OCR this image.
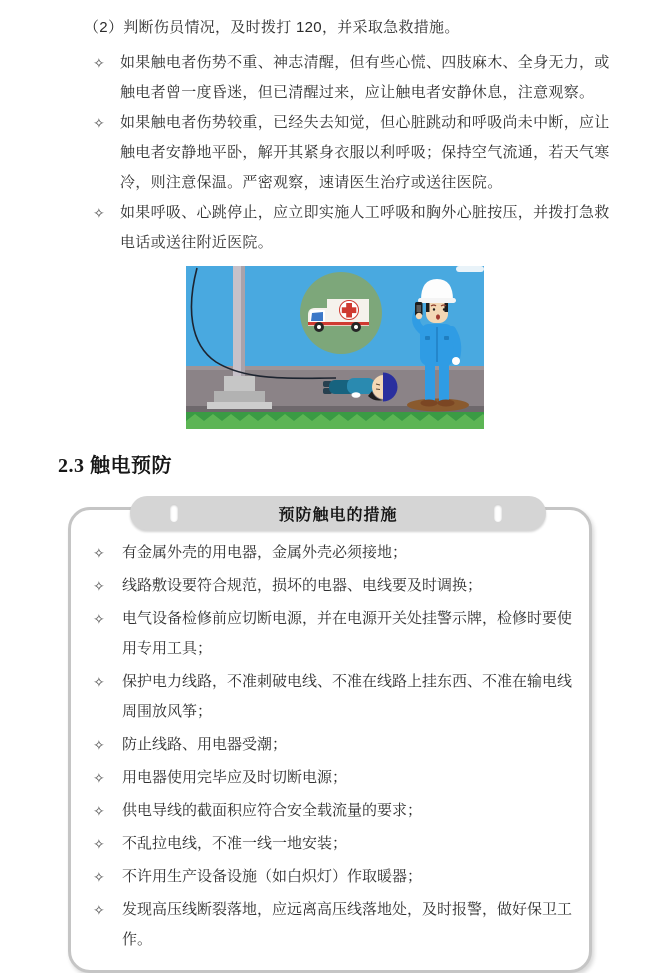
（2）判断伤员情况，及时拨打 120，并采取急救措施。

✧ 如果触电者伤势不重、神志清醒，但有些心慌、四肢麻木、全身无力，或触电者曾一度昏迷，但已清醒过来，应让触电者安静休息，注意观察。
✧ 如果触电者伤势较重，已经失去知觉，但心脏跳动和呼吸尚未中断，应让触电者安静地平卧，解开其紧身衣服以利呼吸；保持空气流通，若天气寒冷，则注意保温。严密观察，速请医生治疗或送往医院。
✧ 如果呼吸、心跳停止，应立即实施人工呼吸和胸外心脏按压，并拨打急救电话或送往附近医院。
2.3 触电预防
预防触电的措施
✧	有金属外壳的用电器，金属外壳必须接地；
✧	线路敷设要符合规范，损坏的电器、电线要及时调换；
✧	电气设备检修前应切断电源，并在电源开关处挂警示牌，检修时要使用专用工具；
✧	保护电力线路，不准刺破电线、不准在线路上挂东西、不准在输电线周围放风筝；
✧	防止线路、用电器受潮；
✧	用电器使用完毕应及时切断电源；
✧	供电导线的截面积应符合安全载流量的要求；
✧	不乱拉电线，不准一线一地安装；
✧	不许用生产设备设施（如白炽灯）作取暖器；
✧	发现高压线断裂落地，应远离高压线落地处，及时报警，做好保卫工作。
